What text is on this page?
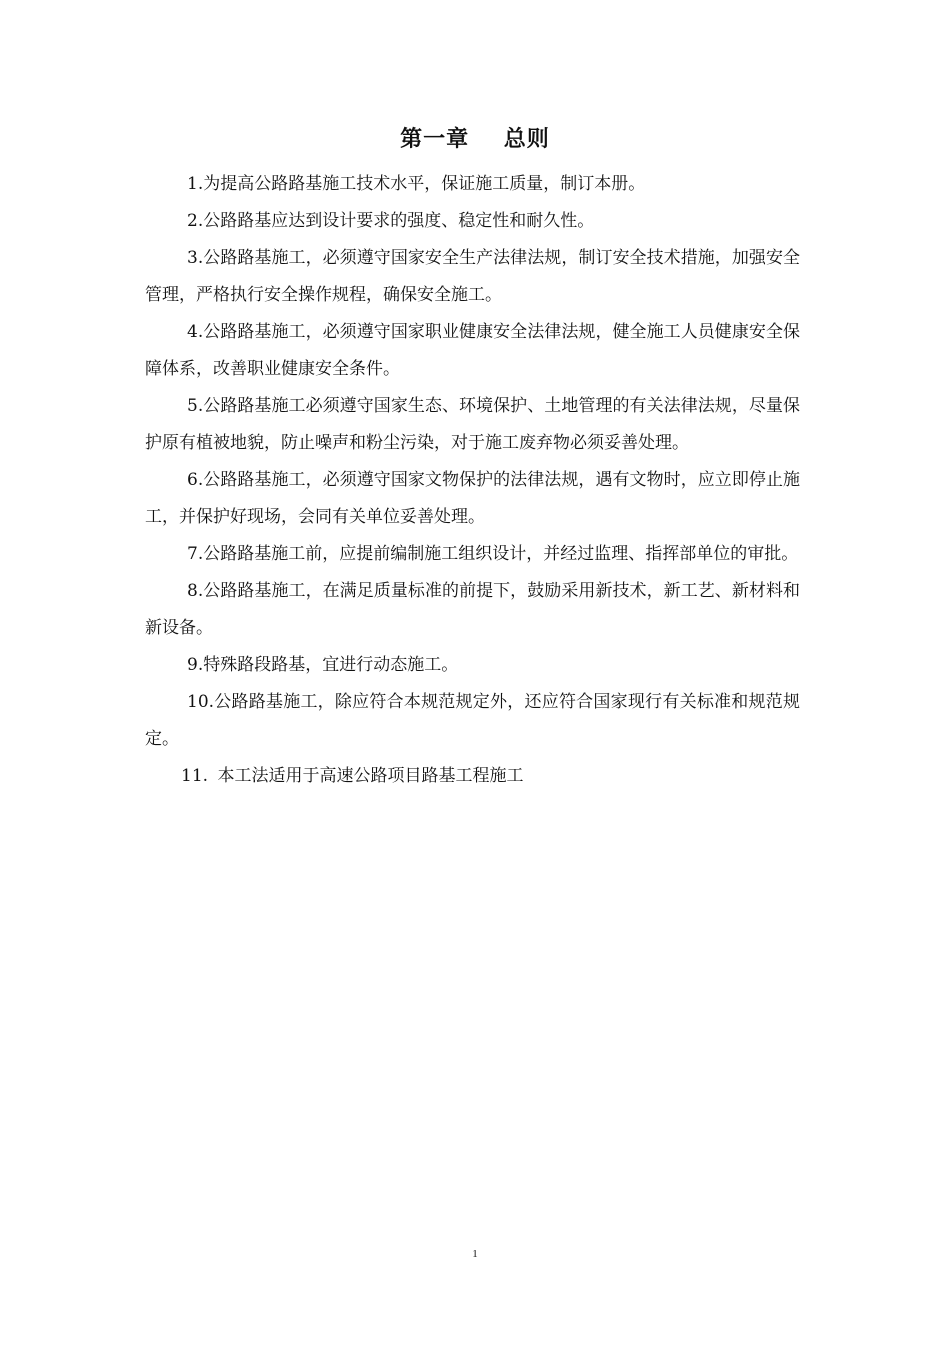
第一章    总则

1.为提高公路路基施工技术水平，保证施工质量，制订本册。

2.公路路基应达到设计要求的强度、稳定性和耐久性。

3.公路路基施工，必须遵守国家安全生产法律法规，制订安全技术措施，加强安全管理，严格执行安全操作规程，确保安全施工。

4.公路路基施工，必须遵守国家职业健康安全法律法规，健全施工人员健康安全保障体系，改善职业健康安全条件。

5.公路路基施工必须遵守国家生态、环境保护、土地管理的有关法律法规，尽量保护原有植被地貌，防止噪声和粉尘污染，对于施工废弃物必须妥善处理。

6.公路路基施工，必须遵守国家文物保护的法律法规，遇有文物时，应立即停止施工，并保护好现场，会同有关单位妥善处理。

7.公路路基施工前，应提前编制施工组织设计，并经过监理、指挥部单位的审批。

8.公路路基施工，在满足质量标准的前提下，鼓励采用新技术，新工艺、新材料和新设备。

9.特殊路段路基，宜进行动态施工。

10.公路路基施工，除应符合本规范规定外，还应符合国家现行有关标准和规范规定。

11. 本工法适用于高速公路项目路基工程施工

1
